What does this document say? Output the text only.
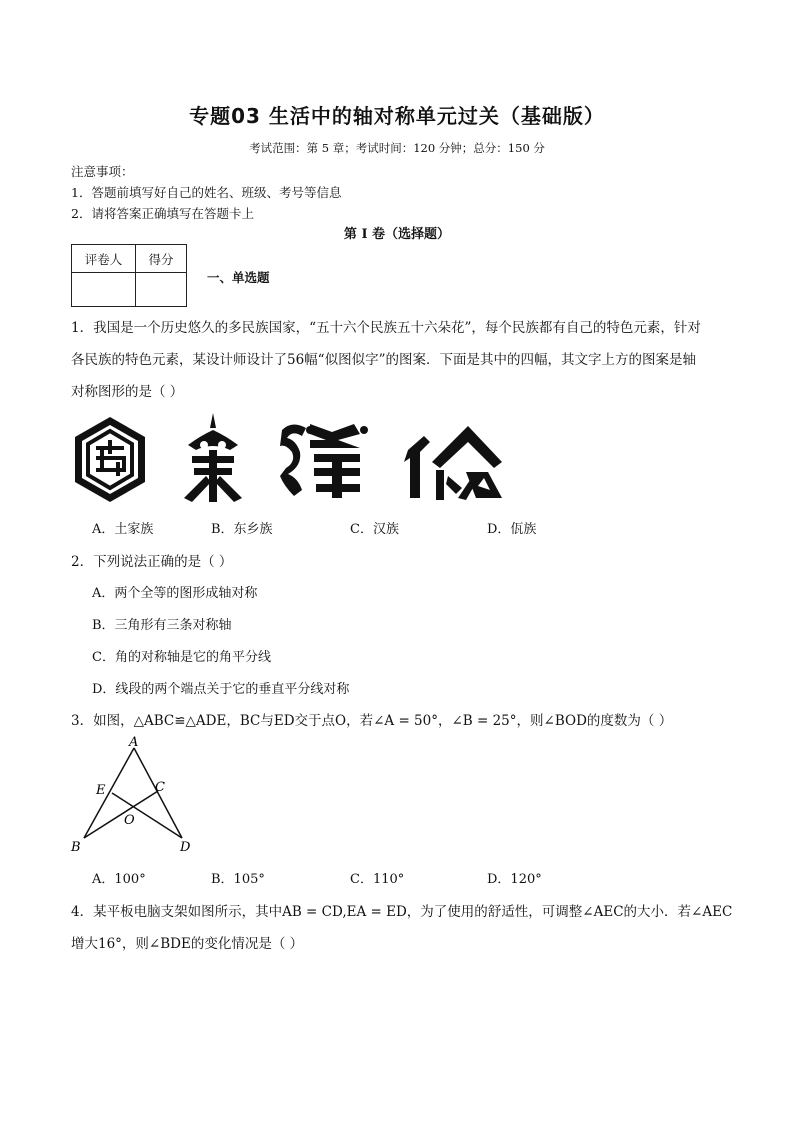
专题03 生活中的轴对称单元过关（基础版）
考试范围：第 5 章；考试时间：120 分钟；总分：150 分
注意事项：
1．答题前填写好自己的姓名、班级、考号等信息
2．请将答案正确填写在答题卡上
第 I 卷（选择题）
评卷人	得分

一、单选题
1．我国是一个历史悠久的多民族国家，“五十六个民族五十六朵花”，每个民族都有自己的特色元素，针对
各民族的特色元素，某设计师设计了56幅“似图似字”的图案．下面是其中的四幅，其文字上方的图案是轴
对称图形的是（ ）
A．土家族	B．东乡族	C．汉族	D．佤族
2．下列说法正确的是（ ）
A．两个全等的图形成轴对称
B．三角形有三条对称轴
C．角的对称轴是它的角平分线
D．线段的两个端点关于它的垂直平分线对称
3．如图，△ABC≌△ADE，BC与ED交于点O，若∠A = 50°，∠B = 25°，则∠BOD的度数为（ ）
A
E	C
O
B	D
A．100°	B．105°	C．110°	D．120°
4．某平板电脑支架如图所示，其中AB = CD,EA = ED，为了使用的舒适性，可调整∠AEC的大小．若∠AEC
增大16°，则∠BDE的变化情况是（ ）
